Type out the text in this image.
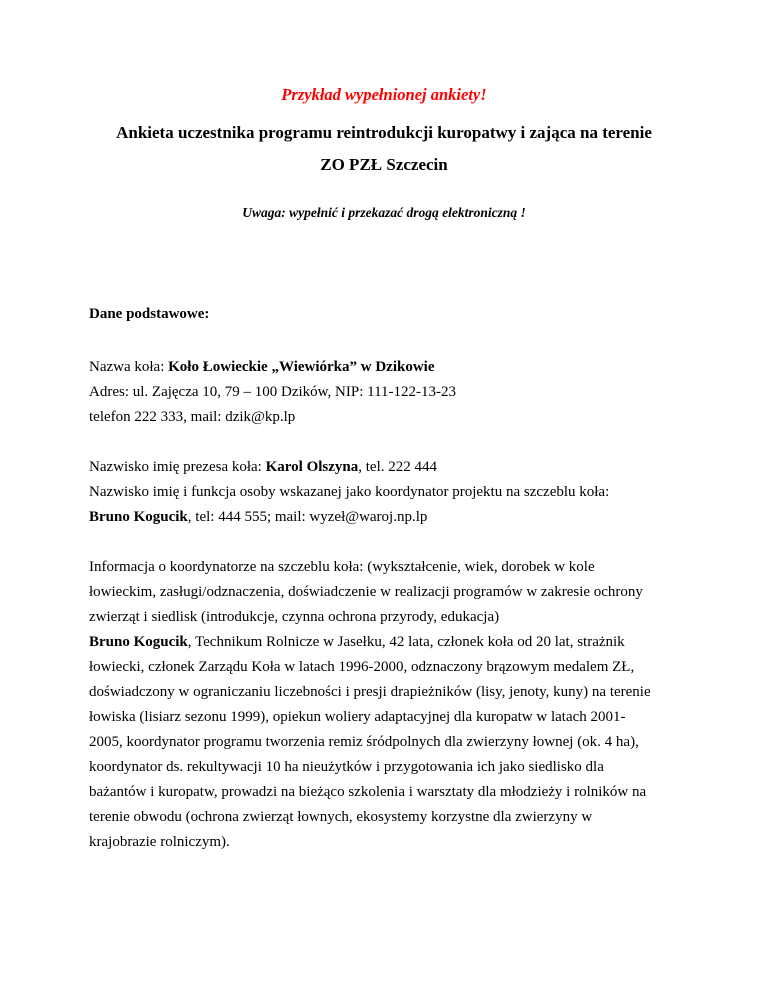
Przykład wypełnionej ankiety!
Ankieta uczestnika programu reintrodukcji kuropatwy i zająca na terenie
ZO PZŁ Szczecin
Uwaga: wypełnić i przekazać drogą elektroniczną !
Dane podstawowe:
Nazwa koła: Koło Łowieckie „Wiewiórka” w Dzikowie
Adres: ul. Zajęcza 10, 79 – 100 Dzików, NIP: 111-122-13-23
telefon 222 333, mail: dzik@kp.lp
Nazwisko imię prezesa koła: Karol Olszyna, tel. 222 444
Nazwisko imię i funkcja osoby wskazanej jako koordynator projektu na szczeblu koła:
Bruno Kogucik, tel: 444 555; mail: wyzeł@waroj.np.lp
Informacja o koordynatorze na szczeblu koła: (wykształcenie, wiek, dorobek w kole
łowieckim, zasługi/odznaczenia, doświadczenie w realizacji programów w zakresie ochrony
zwierząt i siedlisk (introdukcje, czynna ochrona przyrody, edukacja)
Bruno Kogucik, Technikum Rolnicze w Jasełku, 42 lata, członek koła od 20 lat, strażnik
łowiecki, członek Zarządu Koła w latach 1996-2000, odznaczony brązowym medalem ZŁ,
doświadczony w ograniczaniu liczebności i presji drapieżników (lisy, jenoty, kuny) na terenie
łowiska (lisiarz sezonu 1999), opiekun woliery adaptacyjnej dla kuropatw w latach 2001-
2005, koordynator programu tworzenia remiz śródpolnych dla zwierzyny łownej (ok. 4 ha),
koordynator ds. rekultywacji 10 ha nieużytków i przygotowania ich jako siedlisko dla
bażantów i kuropatw, prowadzi na bieżąco szkolenia i warsztaty dla młodzieży i rolników na
terenie obwodu (ochrona zwierząt łownych, ekosystemy korzystne dla zwierzyny w
krajobrazie rolniczym).
